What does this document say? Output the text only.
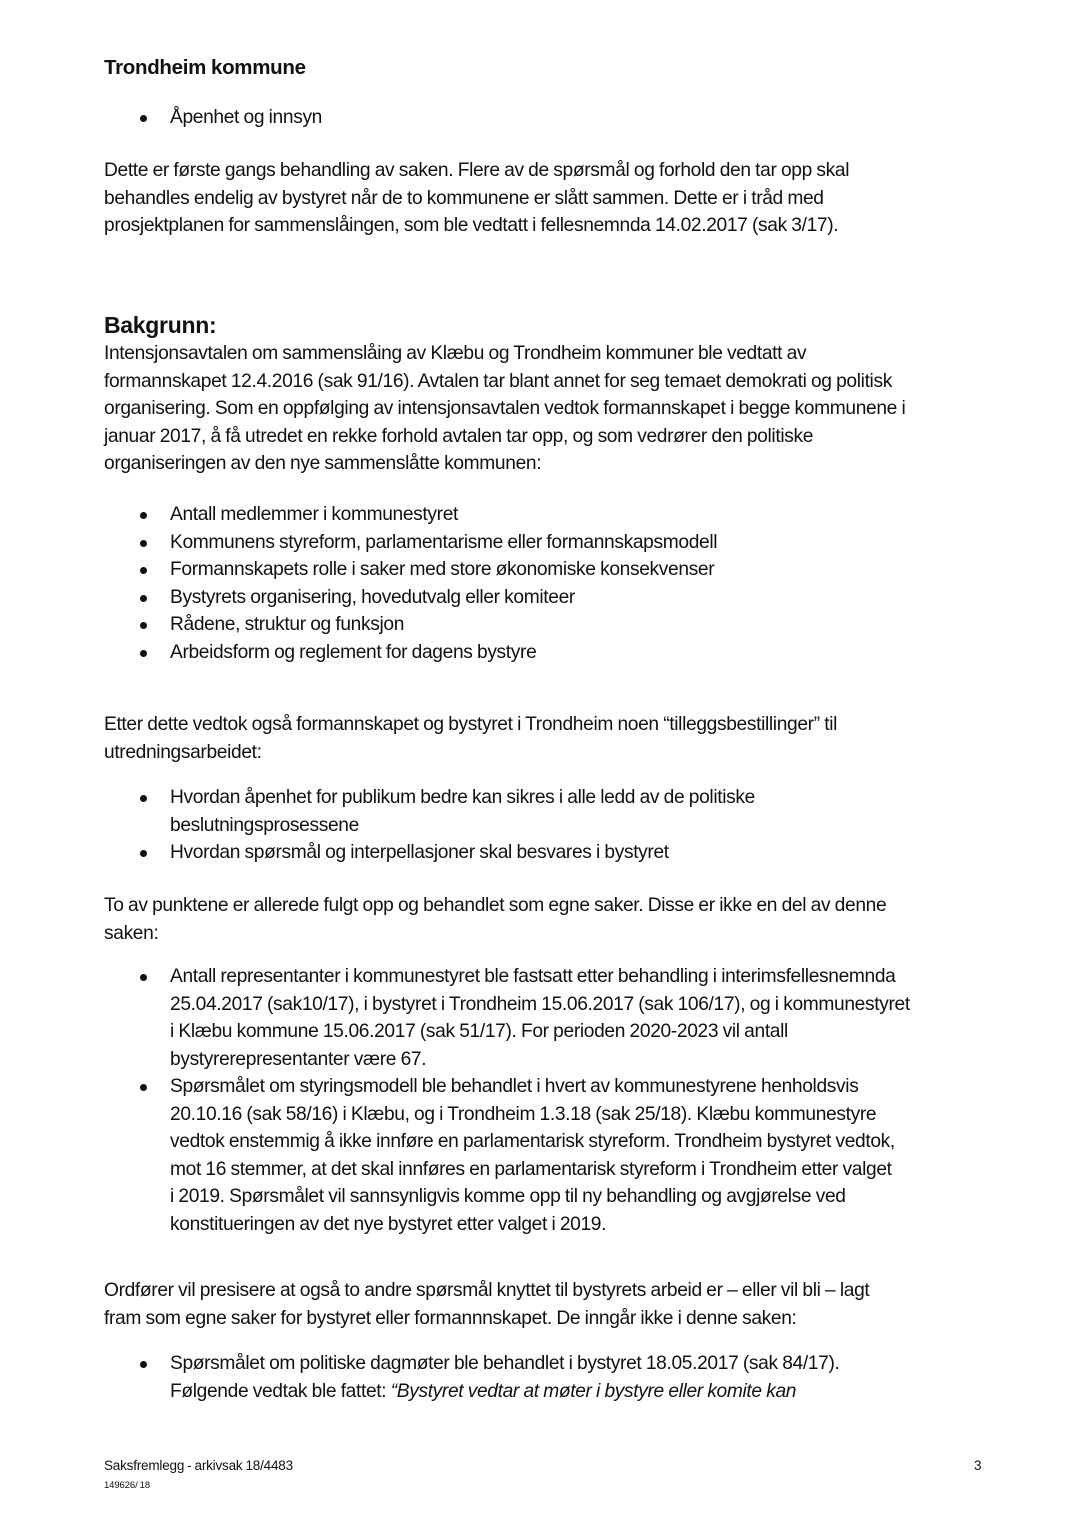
Trondheim kommune
Åpenhet og innsyn
Dette er første gangs behandling av saken. Flere av de spørsmål og forhold den tar opp skal
behandles endelig av bystyret når de to kommunene er slått sammen. Dette er i tråd med
prosjektplanen for sammenslåingen, som ble vedtatt i fellesnemnda 14.02.2017 (sak 3/17).
Bakgrunn:
Intensjonsavtalen om sammenslåing av Klæbu og Trondheim kommuner ble vedtatt av
formannskapet 12.4.2016 (sak 91/16). Avtalen tar blant annet for seg temaet demokrati og politisk
organisering. Som en oppfølging av intensjonsavtalen vedtok formannskapet i begge kommunene i
januar 2017, å få utredet en rekke forhold avtalen tar opp, og som vedrører den politiske
organiseringen av den nye sammenslåtte kommunen:
Antall medlemmer i kommunestyret
Kommunens styreform, parlamentarisme eller formannskapsmodell
Formannskapets rolle i saker med store økonomiske konsekvenser
Bystyrets organisering, hovedutvalg eller komiteer
Rådene, struktur og funksjon
Arbeidsform og reglement for dagens bystyre
Etter dette vedtok også formannskapet og bystyret i Trondheim noen “tilleggsbestillinger” til
utredningsarbeidet:
Hvordan åpenhet for publikum bedre kan sikres i alle ledd av de politiske
beslutningsprosessene
Hvordan spørsmål og interpellasjoner skal besvares i bystyret
To av punktene er allerede fulgt opp og behandlet som egne saker. Disse er ikke en del av denne
saken:
Antall representanter i kommunestyret ble fastsatt etter behandling i interimsfellesnemnda
25.04.2017 (sak10/17), i bystyret i Trondheim 15.06.2017 (sak 106/17), og i kommunestyret
i Klæbu kommune 15.06.2017 (sak 51/17). For perioden 2020-2023 vil antall
bystyrerepresentanter være 67.
Spørsmålet om styringsmodell ble behandlet i hvert av kommunestyrene henholdsvis
20.10.16 (sak 58/16) i Klæbu, og i Trondheim 1.3.18 (sak 25/18). Klæbu kommunestyre
vedtok enstemmig å ikke innføre en parlamentarisk styreform. Trondheim bystyret vedtok,
mot 16 stemmer, at det skal innføres en parlamentarisk styreform i Trondheim etter valget
i 2019. Spørsmålet vil sannsynligvis komme opp til ny behandling og avgjørelse ved
konstitueringen av det nye bystyret etter valget i 2019.
Ordfører vil presisere at også to andre spørsmål knyttet til bystyrets arbeid er – eller vil bli – lagt
fram som egne saker for bystyret eller formannnskapet. De inngår ikke i denne saken:
Spørsmålet om politiske dagmøter ble behandlet i bystyret 18.05.2017 (sak 84/17).
Følgende vedtak ble fattet: “Bystyret vedtar at møter i bystyre eller komite kan
Saksfremlegg - arkivsak 18/4483
149626/ 18
3
